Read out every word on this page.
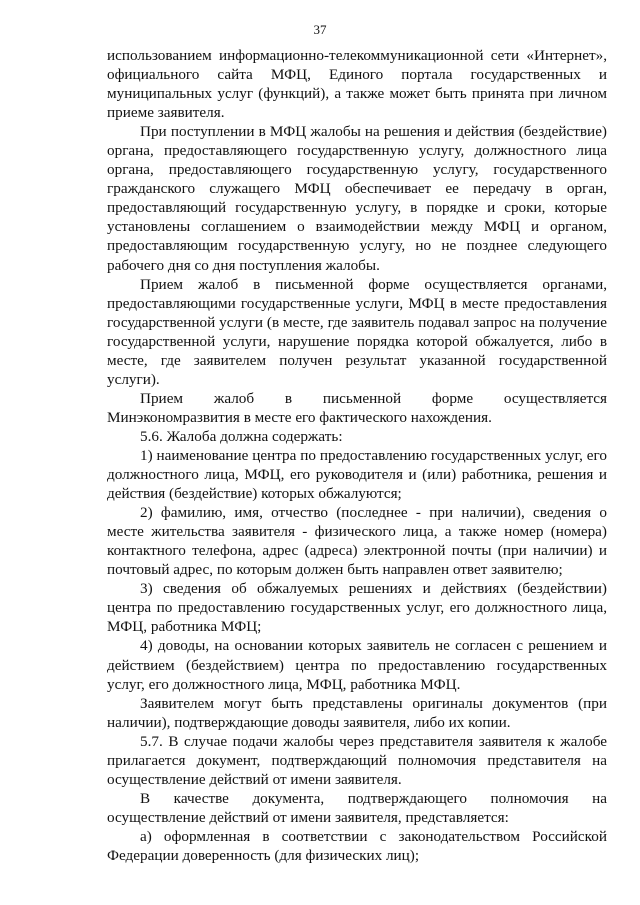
37

использованием информационно-телекоммуникационной сети «Интернет», официального сайта МФЦ, Единого портала государственных и муниципальных услуг (функций), а также может быть принята при личном приеме заявителя.

При поступлении в МФЦ жалобы на решения и действия (бездействие) органа, предоставляющего государственную услугу, должностного лица органа, предоставляющего государственную услугу, государственного гражданского служащего МФЦ обеспечивает ее передачу в орган, предоставляющий государственную услугу, в порядке и сроки, которые установлены соглашением о взаимодействии между МФЦ и органом, предоставляющим государственную услугу, но не позднее следующего рабочего дня со дня поступления жалобы.

Прием жалоб в письменной форме осуществляется органами, предоставляющими государственные услуги, МФЦ в месте предоставления государственной услуги (в месте, где заявитель подавал запрос на получение государственной услуги, нарушение порядка которой обжалуется, либо в месте, где заявителем получен результат указанной государственной услуги).

Прием жалоб в письменной форме осуществляется Минэкономразвития в месте его фактического нахождения.

5.6. Жалоба должна содержать:

1) наименование центра по предоставлению государственных услуг, его должностного лица, МФЦ, его руководителя и (или) работника, решения и действия (бездействие) которых обжалуются;

2) фамилию, имя, отчество (последнее - при наличии), сведения о месте жительства заявителя - физического лица, а также номер (номера) контактного телефона, адрес (адреса) электронной почты (при наличии) и почтовый адрес, по которым должен быть направлен ответ заявителю;

3) сведения об обжалуемых решениях и действиях (бездействии) центра по предоставлению государственных услуг, его должностного лица, МФЦ, работника МФЦ;

4) доводы, на основании которых заявитель не согласен с решением и действием (бездействием) центра по предоставлению государственных услуг, его должностного лица, МФЦ, работника МФЦ.

Заявителем могут быть представлены оригиналы документов (при наличии), подтверждающие доводы заявителя, либо их копии.

5.7. В случае подачи жалобы через представителя заявителя к жалобе прилагается документ, подтверждающий полномочия представителя на осуществление действий от имени заявителя.

В качестве документа, подтверждающего полномочия на осуществление действий от имени заявителя, представляется:

а) оформленная в соответствии с законодательством Российской Федерации доверенность (для физических лиц);
